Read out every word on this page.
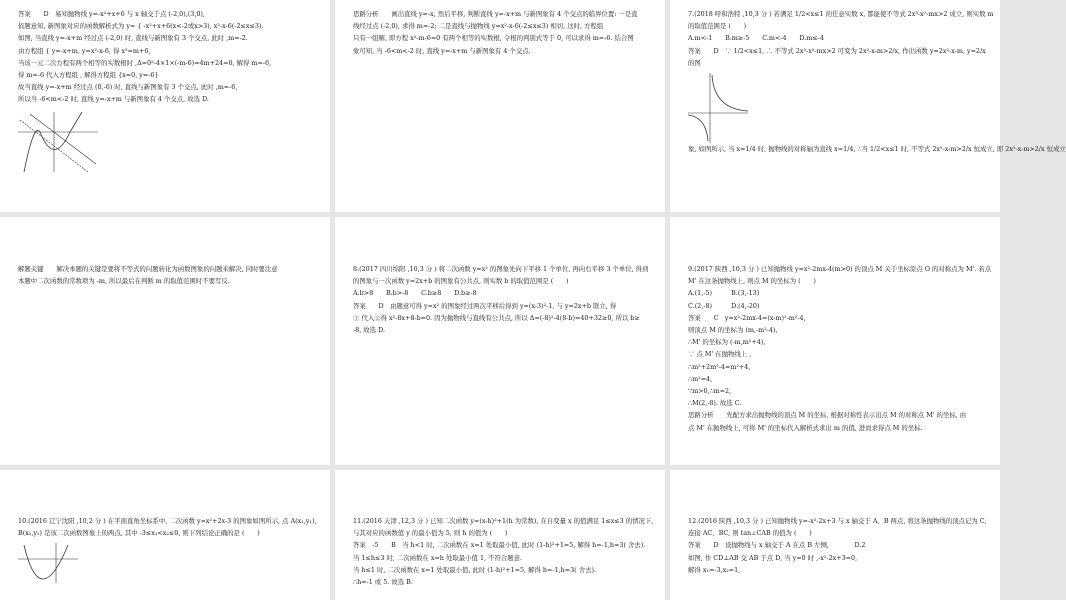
答案　　D　易知抛物线 y=-x²+x+6 与 x 轴交于点 (-2,0),(3,0),
依题意知, 新图象对应的函数解析式为 y= { -x²+x+6(x<-2或x>3), x²-x-6(-2≤x≤3).
如图, 当直线 y=-x+m 经过点 (-2,0) 时, 直线与新图象有 3 个交点, 此时 ,m=-2.
由方程组 { y=-x+m, y=x²-x-6, 得 x²=m+6,
当该一元二次方程有两个相等的实数根时 ,Δ=0²-4×1×(-m-6)=4m+24=0, 解得 m=-6,
得 m=-6 代入方程组 , 解得方程组 {x=0, y=-6}
故当直线 y=-x+m 经过点 (0,-6) 时, 直线与新图象有 3 个交点, 此时 ,m=-6,
所以当 -6<m<-2 时, 直线 y=-x+m 与新图象有 4 个交点, 故选 D.
思路分析　　画出直线 y=-x, 然后平移, 判断直线 y=-x+m 与新图象有 4 个交点的临界位置: 一是直
线经过点 (-2,0), 求得 m=-2; 二是直线与抛物线 y=x²-x-6(-2≤x≤3) 相切, 这时, 方程组
只有一组解, 即方程 x²-m-6=0 有两个相等的实数根, 令根的判别式等于 0, 可以求得 m=-6. 结合图
象可知, 当 -6<m<-2 时, 直线 y=-x+m 与新图象有 4 个交点.
7.(2018 呼和浩特 ,10,3 分 ) 若满足 1/2<x≤1 的任意实数 x, 都能使不等式 2x³-x²-mx>2 成立, 则实数 m
的取值范围是 (　　)
A.m<-1　　B.m≥-5　　C.m<-4　　D.m≤-4
答案　　D　∵ 1/2<x≤1, ∴ 不等式 2x³-x²-mx>2 可变为 2x²-x-m>2/x, 作出函数 y=2x²-x-m, y=2/x
的图
象, 如图所示, 当 x=1/4 时, 抛物线的对称轴为直线 x=1/4, ∴当 1/2<x≤1 时, 不等式 2x²-x-m>2/x 恒成立, 即 2x²-x-m>2/x 恒成立
解题关键　　解决本题的关键是要将不等式的问题转化为函数图象的问题来解决, 同时要注意
本题中二次函数的常数项为 -m, 所以最后在判断 m 的取值范围时不要写反.
8.(2017 四川绵阳 ,10,3 分 ) 将二次函数 y=x² 的图象先向下平移 1 个单位, 再向右平移 3 个单位, 得到
的图象与一次函数 y=2x+b 的图象有公共点, 则实数 b 的取值范围是 (　　)
A.b>8　　B.b>-8　　C.b≥8　　D.b≥-8
答案　　D　由题意可得 y=x² 的图象经过两次平移后得到 y=(x-3)²-1, 与 y=2x+b 联立, 得
① 代入②得 x²-8x+8-b=0. 因为抛物线与直线有公共点, 所以 Δ=(-8)²-4(8-b)=40+32≥0, 所以 b≥
-8, 故选 D.
9.(2017 陕西 ,10,3 分 ) 已知抛物线 y=x²-2mx-4(m>0) 的顶点 M 关于坐标原点 O 的对称点为 M'. 若点
M' 在这条抛物线上, 则点 M 的坐标为 (　　)
A.(1,-5)　　　B.(3,-13)
C.(2,-8)　　　D.(4,-20)
答案　　C　y=x²-2mx-4=(x-m)²-m²-4,
则顶点 M 的坐标为 (m,-m²-4),
∴M' 的坐标为 (-m,m²+4),
∵ 点 M' 在抛物线上 ,
∴m²+2m²-4=m²+4,
∴m²=4,
∵m>0,∴m=2,
∴M(2,-8). 故选 C.
思路分析　　先配方求出抛物线的顶点 M 的坐标, 根据对称性表示出点 M 的对称点 M' 的坐标, 由
点 M' 在抛物线上, 可将 M' 的坐标代入解析式求出 m 的值, 进而求得点 M 的坐标.
10.(2016 辽宁沈阳 ,10,2 分 ) 在平面直角坐标系中, 二次函数 y=x²+2x-3 的图象如图所示, 点 A(x₁,y₁),
B(x₂,y₂) 是该二次函数图象上的两点, 其中 -3≤x₁<x₂≤0, 则下列结论正确的是 (　　)
11.(2016 天津 ,12,3 分 ) 已知二次函数 y=(x-h)²+1(h 为常数), 在自变量 x 的值满足 1≤x≤3 的情况下,
与其对应的函数值 y 的最小值为 5, 则 h 的值为 (　　)
答案　-5　　B　当 h<1 时, 二次函数在 x=1 处取最小值, 此时 (1-h)²+1=5, 解得 h=-1,h=3( 舍去).
当 1≤h≤3 时, 二次函数在 x=h 处取最小值 1, 不符合题意.
当 h≤1 时, 二次函数在 x=1 处取最小值, 此时 (1-h)²+1=5, 解得 h=-1,h=3( 舍去).
∴h=-1 或 5. 故选 B.
12.(2016 陕西 ,10,3 分 ) 已知抛物线 y=-x²-2x+3 与 x 轴交于 A、B 两点, 将这条抛物线的顶点记为 C,
连接 AC、BC, 则 tan∠CAB 的值为 (　　)
答案　　D　设抛物线与 x 轴交于 A 在点 B 左侧,　　　　D.2
如图, 作 CD⊥AB 交 AB 于点 D, 当 y=0 时 ,-x²-2x+3=0,
解得 x₁=-3,x₂=1,
